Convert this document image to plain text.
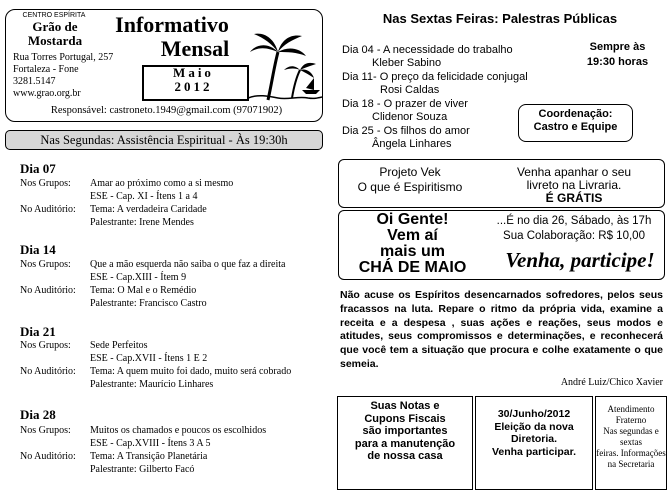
CENTRO ESPÍRITA
Grão de
Mostarda
Rua Torres Portugal, 257
Fortaleza - Fone 3281.5147
www.grao.org.br
Informativo
Mensal
Maio
2012
Responsável: castroneto.1949@gmail.com (97071902)
Nas Segundas: Assistência Espiritual - Às 19:30h
Dia 07
Nos Grupos: Amar ao próximo como a si mesmo
ESE - Cap. XI - Ítens 1 a 4
No Auditório: Tema: A verdadeira Caridade
Palestrante: Irene Mendes
Dia 14
Nos Grupos: Que a mão esquerda não saiba o que faz a direita
ESE - Cap.XIII - Ítem 9
No Auditório: Tema: O Mal e o Remédio
Palestrante: Francisco Castro
Dia 21
Nos Grupos: Sede Perfeitos
ESE - Cap.XVII - Ítens 1 E 2
No Auditório: Tema: A quem muito foi dado, muito será cobrado
Palestrante: Maurício Linhares
Dia 28
Nos Grupos: Muitos os chamados e poucos os escolhidos
ESE - Cap.XVIII - Ítens 3 A 5
No Auditório: Tema: A Transição Planetária
Palestrante: Gilberto Facó
Nas Sextas Feiras: Palestras Públicas
Dia 04 - A necessidade do trabalho
Kleber Sabino
Dia 11- O preço da felicidade conjugal
Rosi Caldas
Dia 18 - O prazer de viver
Clidenor Souza
Dia 25 - Os filhos do amor
Ângela Linhares
Sempre às
19:30 horas
Coordenação:
Castro e Equipe
Projeto Vek
O que é Espiritismo
Venha apanhar o seu
livreto na Livraria.
É GRÁTIS
Oi Gente!
Vem aí
mais um
CHÁ DE MAIO
...É no dia 26, Sábado, às 17h
Sua Colaboração: R$ 10,00
Venha, participe!
Não acuse os Espíritos desencarnados sofredores, pelos seus fracassos na luta. Repare o ritmo da própria vida, examine a receita e a despesa , suas ações e reações, seus modos e atitudes, seus compromissos e determinações, e reconhecerá que você tem a situação que procura e colhe exatamente o que semeia.
André Luiz/Chico Xavier
Suas Notas e
Cupons Fiscais
são importantes
para a manutenção
de nossa casa
30/Junho/2012
Eleição da nova
Diretoria.
Venha participar.
Atendimento Fraterno
Nas segundas e sextas
feiras. Informações
na Secretaria
